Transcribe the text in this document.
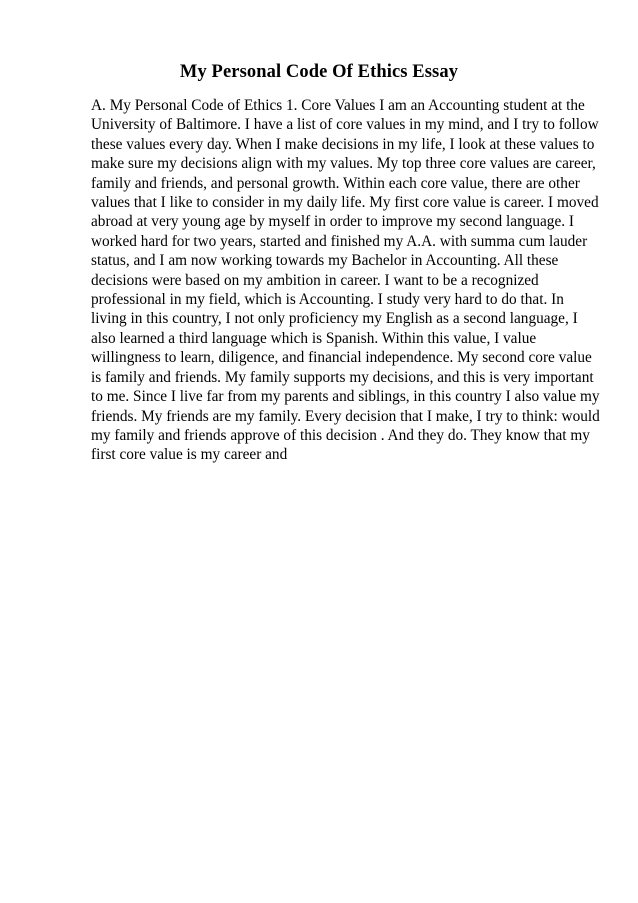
My Personal Code Of Ethics Essay
A. My Personal Code of Ethics 1. Core Values I am an Accounting student at the
University of Baltimore. I have a list of core values in my mind, and I try to follow
these values every day. When I make decisions in my life, I look at these values to
make sure my decisions align with my values. My top three core values are career,
family and friends, and personal growth. Within each core value, there are other
values that I like to consider in my daily life. My first core value is career. I moved
abroad at very young age by myself in order to improve my second language. I
worked hard for two years, started and finished my A.A. with summa cum lauder
status, and I am now working towards my Bachelor in Accounting. All these
decisions were based on my ambition in career. I want to be a recognized
professional in my field, which is Accounting. I study very hard to do that. In
living in this country, I not only proficiency my English as a second language, I
also learned a third language which is Spanish. Within this value, I value
willingness to learn, diligence, and financial independence. My second core value
is family and friends. My family supports my decisions, and this is very important
to me. Since I live far from my parents and siblings, in this country I also value my
friends. My friends are my family. Every decision that I make, I try to think: would
my family and friends approve of this decision . And they do. They know that my
first core value is my career and
